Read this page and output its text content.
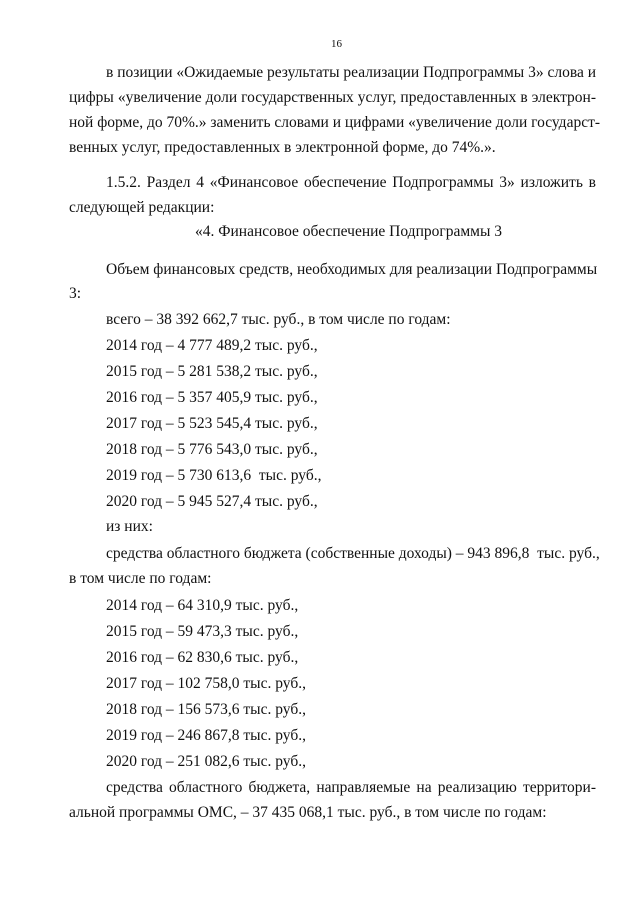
16

в позиции «Ожидаемые результаты реализации Подпрограммы 3» слова и

цифры «увеличение доли государственных услуг, предоставленных в электрон-

ной форме, до 70%.» заменить словами и цифрами «увеличение доли государст-

венных услуг, предоставленных в электронной форме, до 74%.».

1.5.2. Раздел 4 «Финансовое обеспечение Подпрограммы 3» изложить в

следующей редакции:

«4. Финансовое обеспечение Подпрограммы 3

Объем финансовых средств, необходимых для реализации Подпрограммы

3:

всего – 38 392 662,7 тыс. руб., в том числе по годам:

2014 год – 4 777 489,2 тыс. руб.,

2015 год – 5 281 538,2 тыс. руб.,

2016 год – 5 357 405,9 тыс. руб.,

2017 год – 5 523 545,4 тыс. руб.,

2018 год – 5 776 543,0 тыс. руб.,

2019 год – 5 730 613,6  тыс. руб.,

2020 год – 5 945 527,4 тыс. руб.,

из них:

средства областного бюджета (собственные доходы) – 943 896,8  тыс. руб.,

в том числе по годам:

2014 год – 64 310,9 тыс. руб.,

2015 год – 59 473,3 тыс. руб.,

2016 год – 62 830,6 тыс. руб.,

2017 год – 102 758,0 тыс. руб.,

2018 год – 156 573,6 тыс. руб.,

2019 год – 246 867,8 тыс. руб.,

2020 год – 251 082,6 тыс. руб.,

средства областного бюджета, направляемые на реализацию территори-

альной программы ОМС, – 37 435 068,1 тыс. руб., в том числе по годам:
